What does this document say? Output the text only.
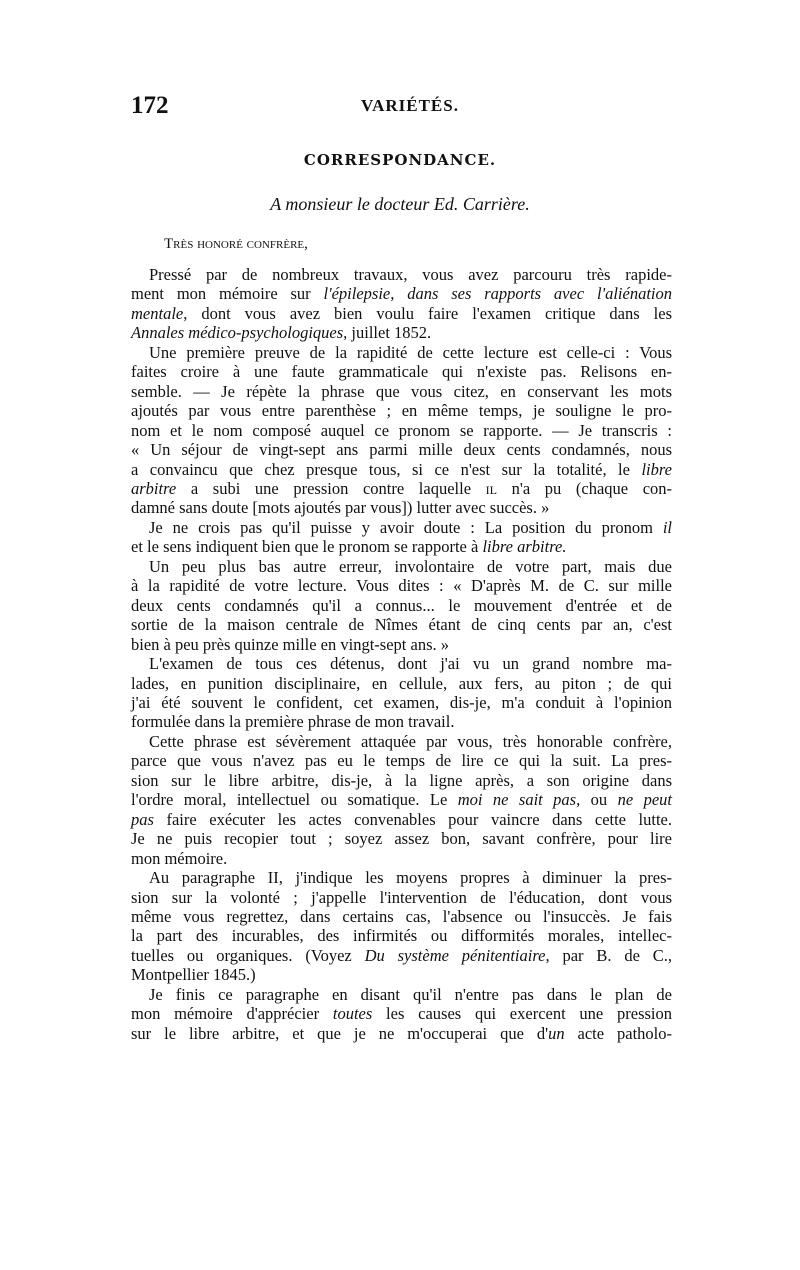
172	VARIÉTÉS.
CORRESPONDANCE.
A monsieur le docteur Ed. Carrière.
Très honoré confrère,
Pressé par de nombreux travaux, vous avez parcouru très rapide-
ment mon mémoire sur l'épilepsie, dans ses rapports avec l'aliénation
mentale, dont vous avez bien voulu faire l'examen critique dans les
Annales médico-psychologiques, juillet 1852.
Une première preuve de la rapidité de cette lecture est celle-ci : Vous
faites croire à une faute grammaticale qui n'existe pas. Relisons en-
semble. — Je répète la phrase que vous citez, en conservant les mots
ajoutés par vous entre parenthèse ; en même temps, je souligne le pro-
nom et le nom composé auquel ce pronom se rapporte. — Je transcris :
« Un séjour de vingt-sept ans parmi mille deux cents condamnés, nous
a convaincu que chez presque tous, si ce n'est sur la totalité, le libre
arbitre a subi une pression contre laquelle il n'a pu (chaque con-
damné sans doute [mots ajoutés par vous]) lutter avec succès. »
Je ne crois pas qu'il puisse y avoir doute : La position du pronom il
et le sens indiquent bien que le pronom se rapporte à libre arbitre.
Un peu plus bas autre erreur, involontaire de votre part, mais due
à la rapidité de votre lecture. Vous dites : « D'après M. de C. sur mille
deux cents condamnés qu'il a connus... le mouvement d'entrée et de
sortie de la maison centrale de Nîmes étant de cinq cents par an, c'est
bien à peu près quinze mille en vingt-sept ans. »
L'examen de tous ces détenus, dont j'ai vu un grand nombre ma-
lades, en punition disciplinaire, en cellule, aux fers, au piton ; de qui
j'ai été souvent le confident, cet examen, dis-je, m'a conduit à l'opinion
formulée dans la première phrase de mon travail.
Cette phrase est sévèrement attaquée par vous, très honorable confrère,
parce que vous n'avez pas eu le temps de lire ce qui la suit. La pres-
sion sur le libre arbitre, dis-je, à la ligne après, a son origine dans
l'ordre moral, intellectuel ou somatique. Le moi ne sait pas, ou ne peut
pas faire exécuter les actes convenables pour vaincre dans cette lutte.
Je ne puis recopier tout ; soyez assez bon, savant confrère, pour lire
mon mémoire.
Au paragraphe II, j'indique les moyens propres à diminuer la pres-
sion sur la volonté ; j'appelle l'intervention de l'éducation, dont vous
même vous regrettez, dans certains cas, l'absence ou l'insuccès. Je fais
la part des incurables, des infirmités ou difformités morales, intellec-
tuelles ou organiques. (Voyez Du système pénitentiaire, par B. de C.,
Montpellier 1845.)
Je finis ce paragraphe en disant qu'il n'entre pas dans le plan de
mon mémoire d'apprécier toutes les causes qui exercent une pression
sur le libre arbitre, et que je ne m'occuperai que d'un acte patholo-
